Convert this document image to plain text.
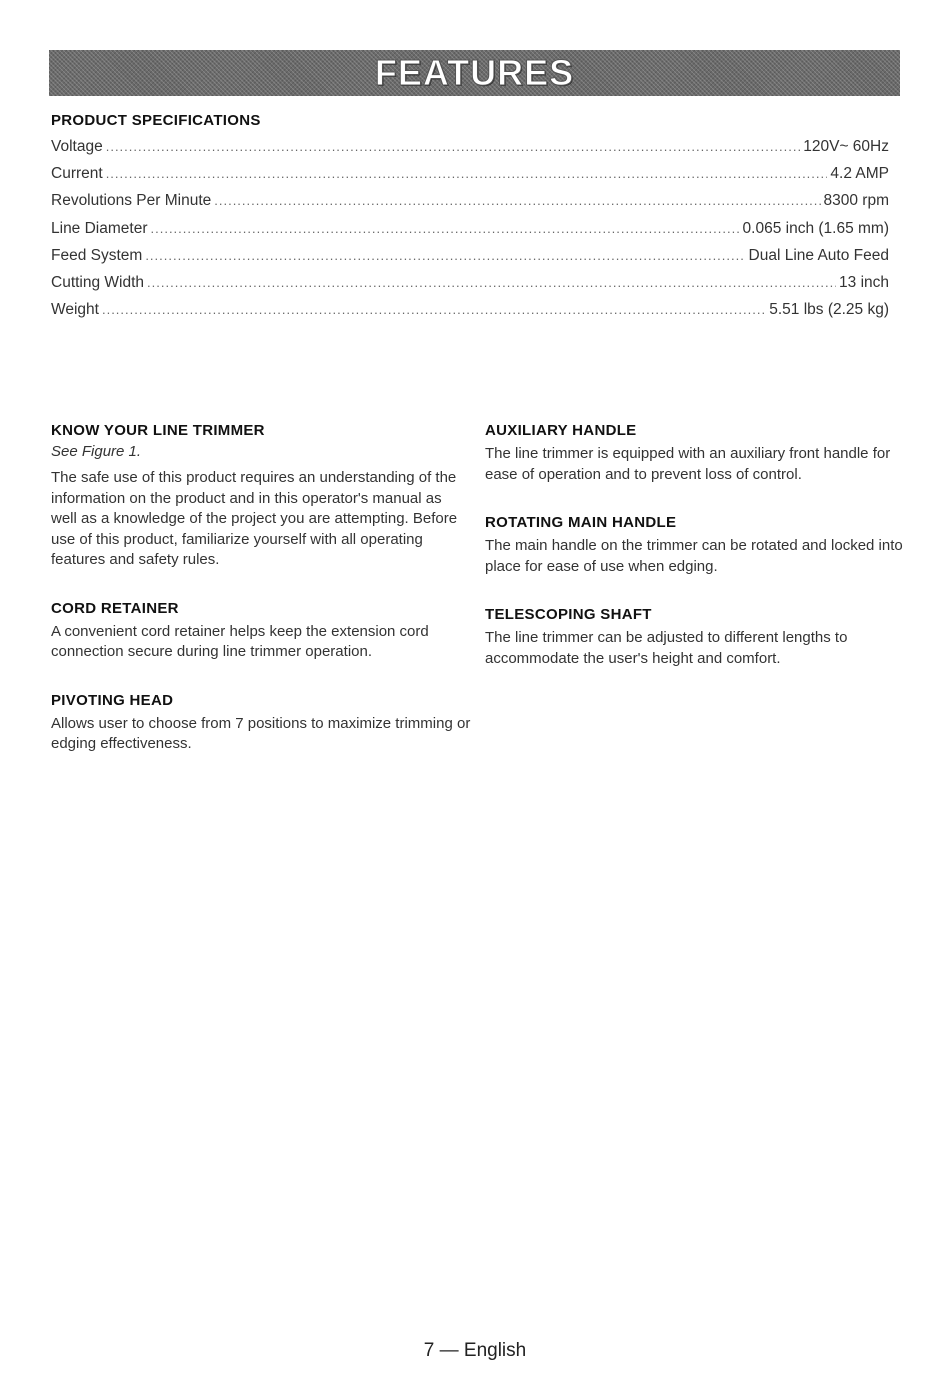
FEATURES
PRODUCT SPECIFICATIONS
Voltage .....	120V~ 60Hz
Current .....	4.2 AMP
Revolutions Per Minute .....	8300 rpm
Line Diameter .....	0.065 inch (1.65 mm)
Feed System .....	Dual Line Auto Feed
Cutting Width .....	13 inch
Weight .....	5.51 lbs (2.25 kg)
KNOW YOUR LINE TRIMMER

See Figure 1.

The safe use of this product requires an understanding of the information on the product and in this operator's manual as well as a knowledge of the project you are attempting. Before use of this product, familiarize yourself with all operating features and safety rules.

CORD RETAINER

A convenient cord retainer helps keep the extension cord connection secure during line trimmer operation.

PIVOTING HEAD

Allows user to choose from 7 positions to maximize trimming or edging effectiveness.

AUXILIARY HANDLE

The line trimmer is equipped with an auxiliary front handle for ease of operation and to prevent loss of control.

ROTATING MAIN HANDLE

The main handle on the trimmer can be rotated and locked into place for ease of use when edging.

TELESCOPING SHAFT

The line trimmer can be adjusted to different lengths to accommodate the user's height and comfort.

7 — English
